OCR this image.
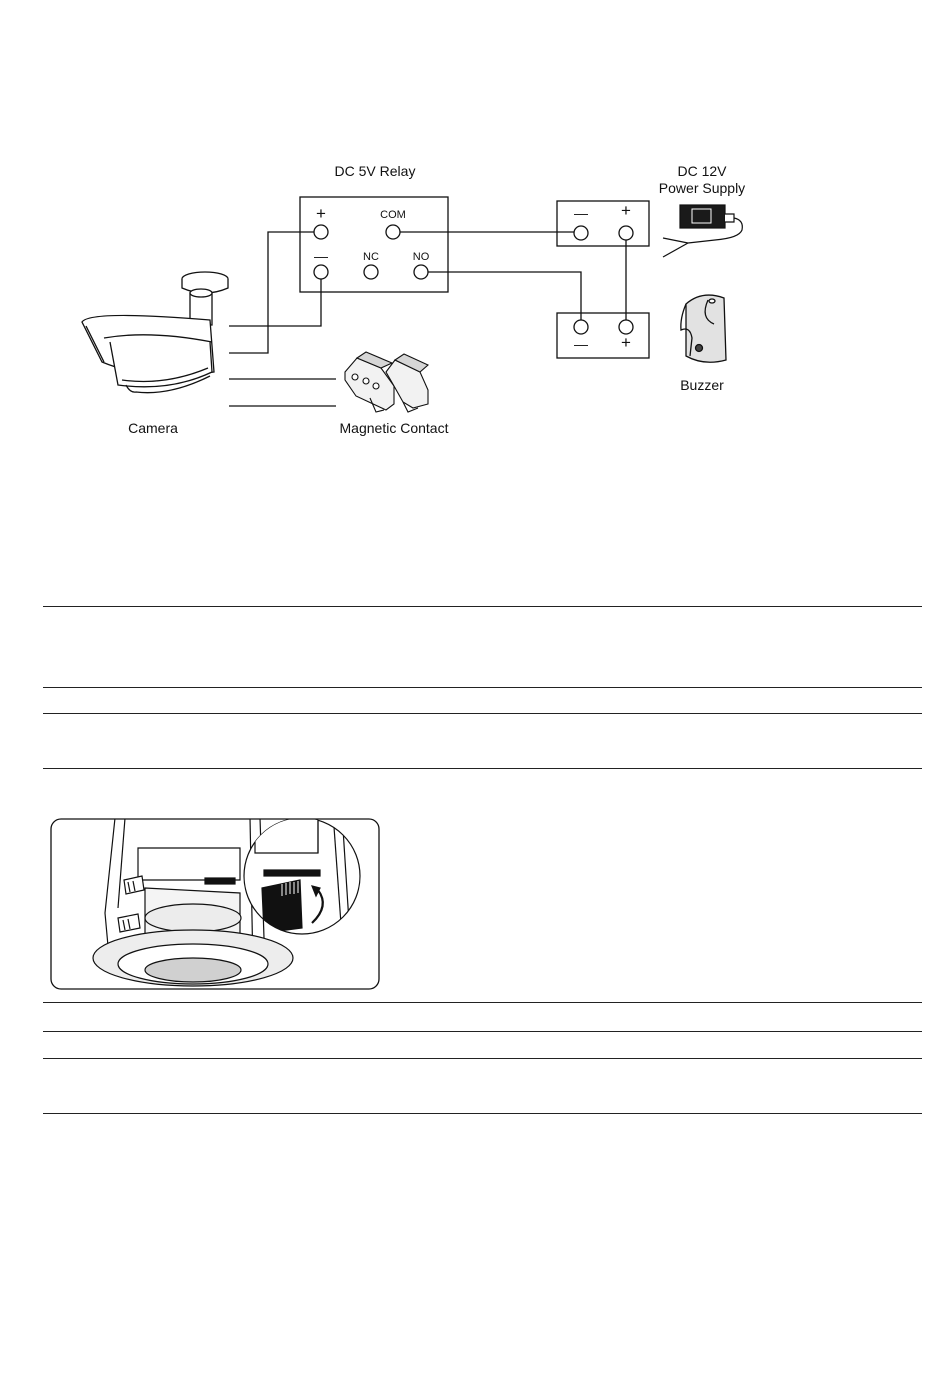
DC 5V Relay
+	COM
—	NC	NO
DC 12V
Power Supply
— +
— +
Buzzer
Camera	Magnetic Contact
